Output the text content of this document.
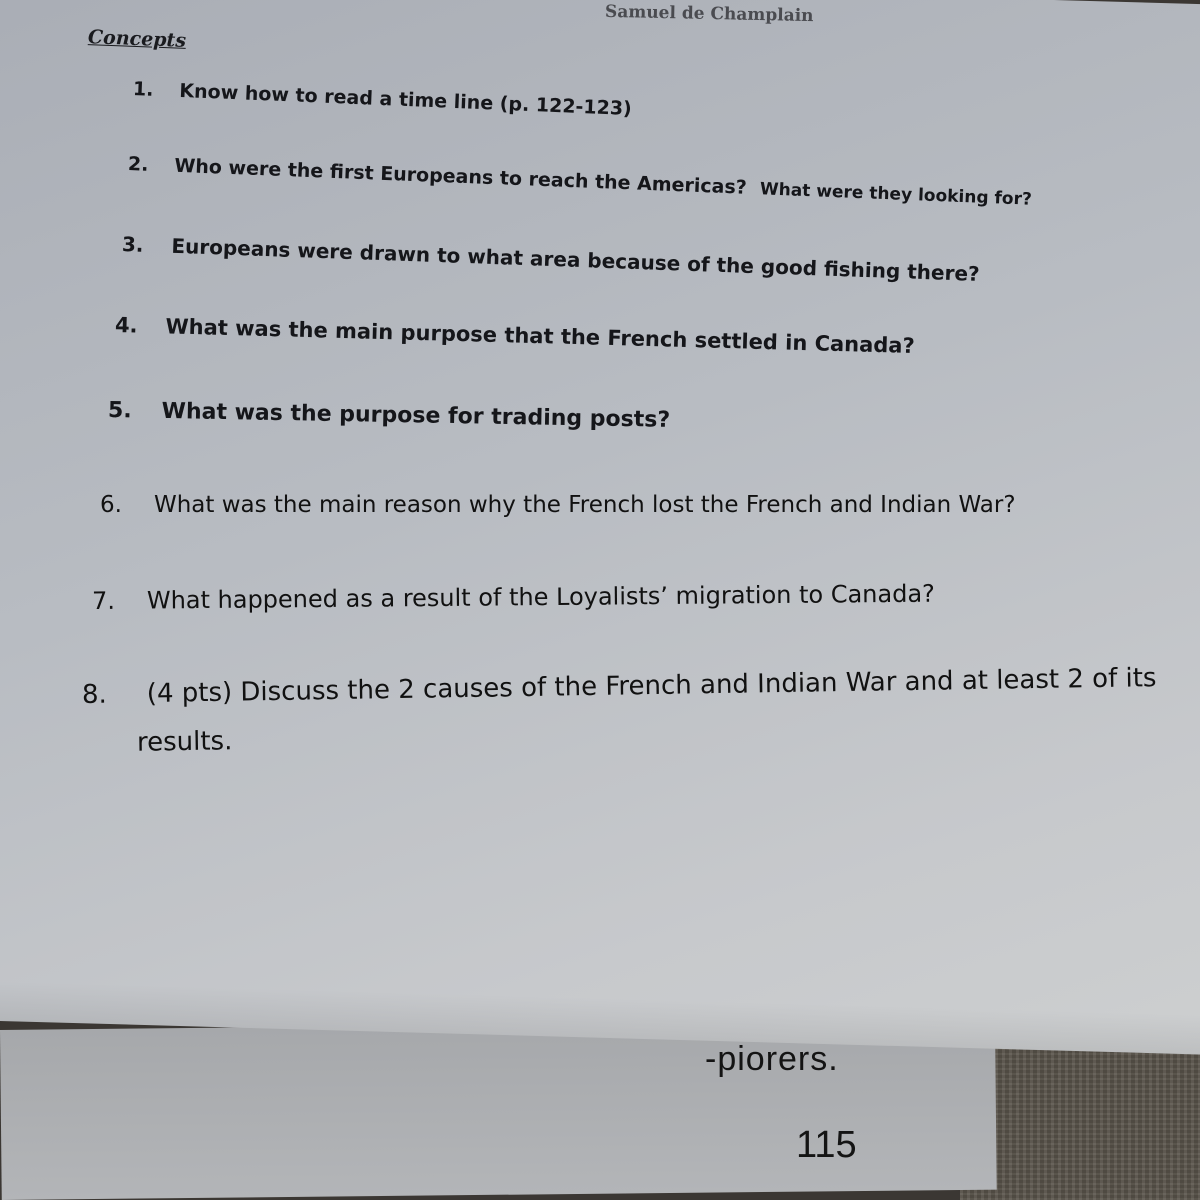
-piorers.
115
Samuel de Champlain
Concepts
1. Know how to read a time line (p. 122-123)
2. Who were the first Europeans to reach the Americas? What were they looking for?
3. Europeans were drawn to what area because of the good fishing there?
4. What was the main purpose that the French settled in Canada?
5. What was the purpose for trading posts?
6. What was the main reason why the French lost the French and Indian War?
7. What happened as a result of the Loyalists’ migration to Canada?
8. (4 pts) Discuss the 2 causes of the French and Indian War and at least 2 of its
results.
